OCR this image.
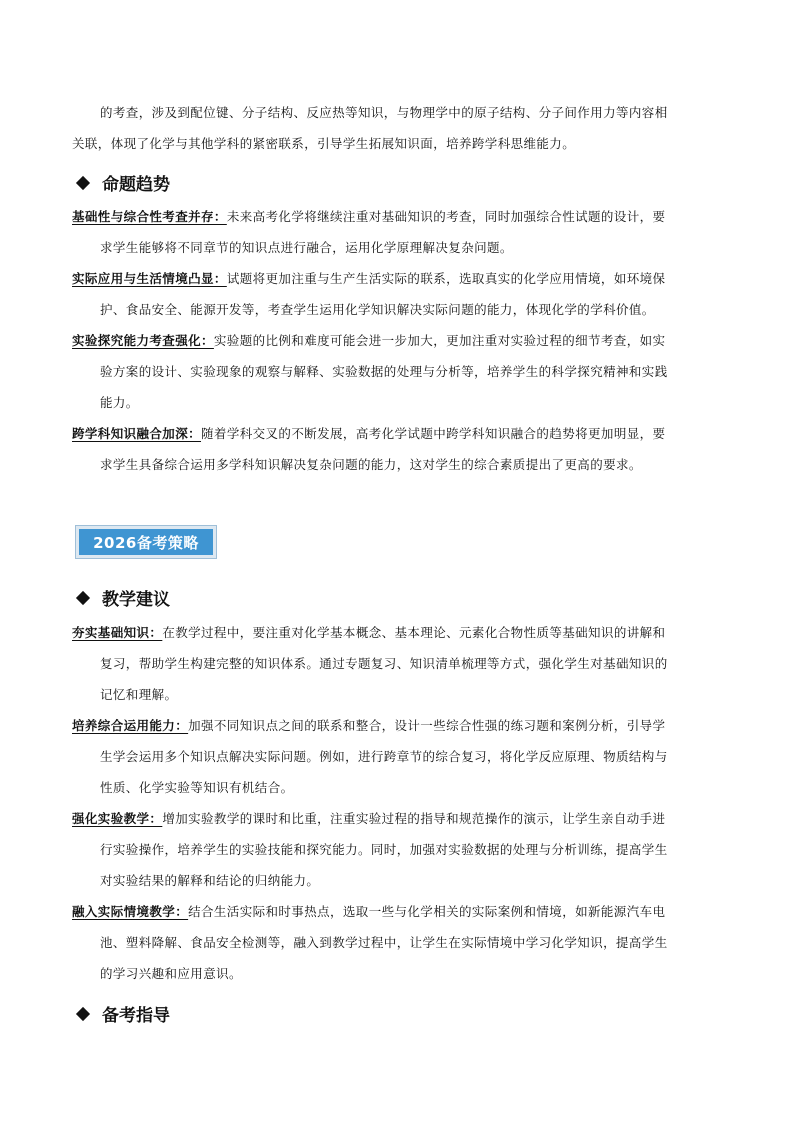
的考查，涉及到配位键、分子结构、反应热等知识，与物理学中的原子结构、分子间作用力等内容相
关联，体现了化学与其他学科的紧密联系，引导学生拓展知识面，培养跨学科思维能力。
命题趋势
基础性与综合性考查并存：未来高考化学将继续注重对基础知识的考查，同时加强综合性试题的设计，要
求学生能够将不同章节的知识点进行融合，运用化学原理解决复杂问题。
实际应用与生活情境凸显：试题将更加注重与生产生活实际的联系，选取真实的化学应用情境，如环境保
护、食品安全、能源开发等，考查学生运用化学知识解决实际问题的能力，体现化学的学科价值。
实验探究能力考查强化：实验题的比例和难度可能会进一步加大，更加注重对实验过程的细节考查，如实
验方案的设计、实验现象的观察与解释、实验数据的处理与分析等，培养学生的科学探究精神和实践
能力。
跨学科知识融合加深：随着学科交叉的不断发展，高考化学试题中跨学科知识融合的趋势将更加明显，要
求学生具备综合运用多学科知识解决复杂问题的能力，这对学生的综合素质提出了更高的要求。
2026备考策略
教学建议
夯实基础知识：在教学过程中，要注重对化学基本概念、基本理论、元素化合物性质等基础知识的讲解和
复习，帮助学生构建完整的知识体系。通过专题复习、知识清单梳理等方式，强化学生对基础知识的
记忆和理解。
培养综合运用能力：加强不同知识点之间的联系和整合，设计一些综合性强的练习题和案例分析，引导学
生学会运用多个知识点解决实际问题。例如，进行跨章节的综合复习，将化学反应原理、物质结构与
性质、化学实验等知识有机结合。
强化实验教学：增加实验教学的课时和比重，注重实验过程的指导和规范操作的演示，让学生亲自动手进
行实验操作，培养学生的实验技能和探究能力。同时，加强对实验数据的处理与分析训练，提高学生
对实验结果的解释和结论的归纳能力。
融入实际情境教学：结合生活实际和时事热点，选取一些与化学相关的实际案例和情境，如新能源汽车电
池、塑料降解、食品安全检测等，融入到教学过程中，让学生在实际情境中学习化学知识，提高学生
的学习兴趣和应用意识。
备考指导
